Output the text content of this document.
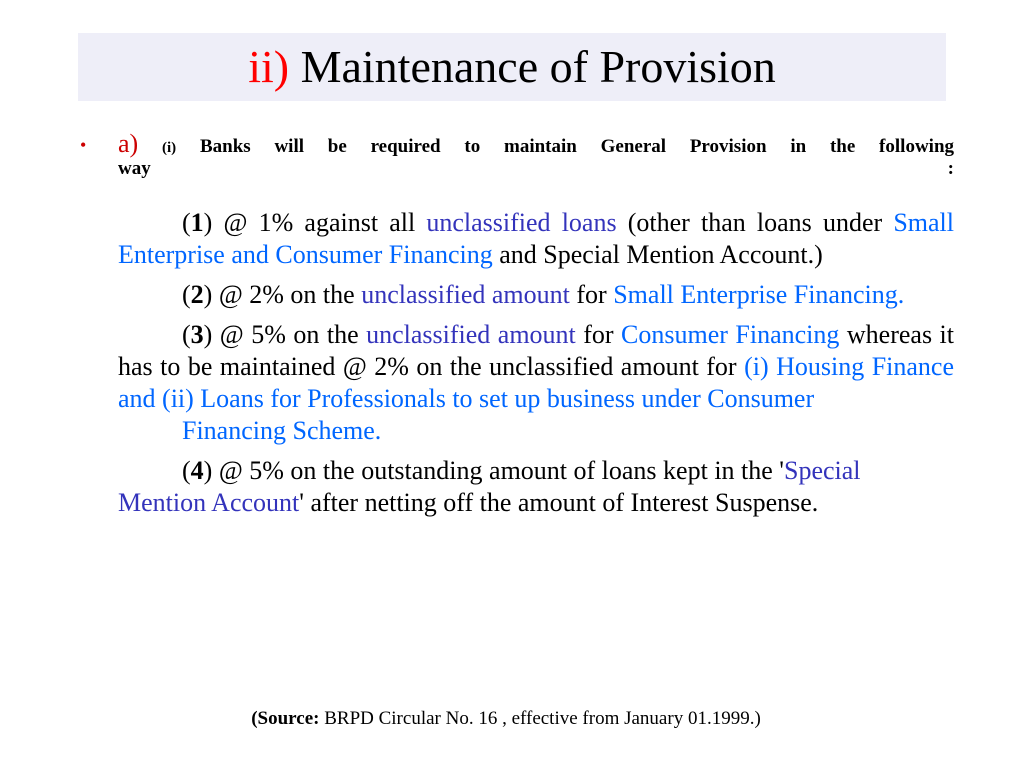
ii) Maintenance of Provision
• a) (i) Banks will be required to maintain General Provision in the following
way	:
(1) @ 1% against all unclassified loans (other than loans under Small Enterprise and Consumer Financing and Special Mention Account.)
(2) @ 2% on the unclassified amount for Small Enterprise Financing.
(3) @ 5% on the unclassified amount for Consumer Financing whereas it has to be maintained @ 2% on the unclassified amount for (i) Housing Finance and (ii) Loans for Professionals to set up business under Consumer
Financing Scheme.
(4) @ 5% on the outstanding amount of loans kept in the 'Special Mention Account' after netting off the amount of Interest Suspense.
(Source: BRPD Circular No. 16 , effective from January 01.1999.)
